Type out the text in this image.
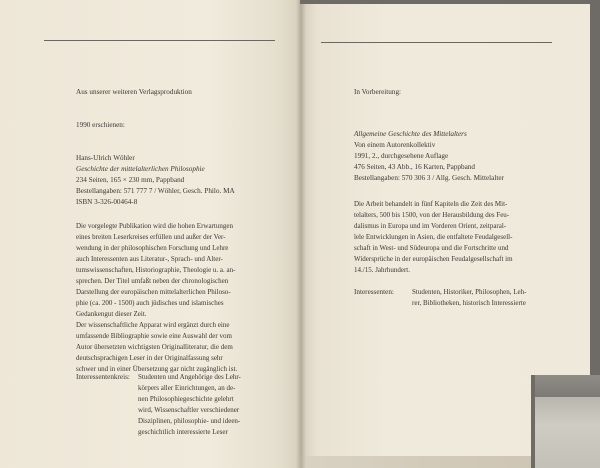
Aus unserer weiteren Verlagsproduktion
1990 erschienen:
Hans-Ulrich Wöhler
Geschichte der mittelalterlichen Philosophie
234 Seiten, 165 × 230 mm, Pappband
Bestellangaben: 571 777 7 / Wöhler, Gesch. Philo. MA
ISBN 3-326-00464-8
Die vorgelegte Publikation wird die hohen Erwartungen
eines breiten Leserkreises erfüllen und außer der Ver-
wendung in der philosophischen Forschung und Lehre
auch Interessenten aus Literatur-, Sprach- und Alter-
tumswissenschaften, Historiographie, Theologie u. a. an-
sprechen. Der Titel umfaßt neben der chronologischen
Darstellung der europäischen mittelalterlichen Philoso-
phie (ca. 200 - 1500) auch jüdisches und islamisches
Gedankengut dieser Zeit.
Der wissenschaftliche Apparat wird ergänzt durch eine
umfassende Bibliographie sowie eine Auswahl der vom
Autor übersetzten wichtigsten Originalliteratur, die dem
deutschsprachigen Leser in der Originalfassung sehr
schwer und in einer Übersetzung gar nicht zugänglich ist.
Interessentenkreis: Studenten und Angehörige des Lehr-
körpers aller Einrichtungen, an de-
nen Philosophiegeschichte gelehrt
wird, Wissenschaftler verschiedener
Disziplinen, philosophie- und ideen-
geschichtlich interessierte Leser
In Vorbereitung:
Allgemeine Geschichte des Mittelalters
Von einem Autorenkollektiv
1991, 2., durchgesehene Auflage
476 Seiten, 43 Abb., 16 Karten, Pappband
Bestellangaben: 570 306 3 / Allg. Gesch. Mittelalter
Die Arbeit behandelt in fünf Kapiteln die Zeit des Mit-
telalters, 500 bis 1500, von der Herausbildung des Feu-
dalismus in Europa und im Vorderen Orient, zeitparal-
lele Entwicklungen in Asien, die entfaltete Feudalgesell-
schaft in West- und Südeuropa und die Fortschritte und
Widersprüche in der europäischen Feudalgesellschaft im
14./15. Jahrhundert.
Interessenten:	Studenten, Historiker, Philosophen, Leh-
rer, Bibliotheken, historisch Interessierte
